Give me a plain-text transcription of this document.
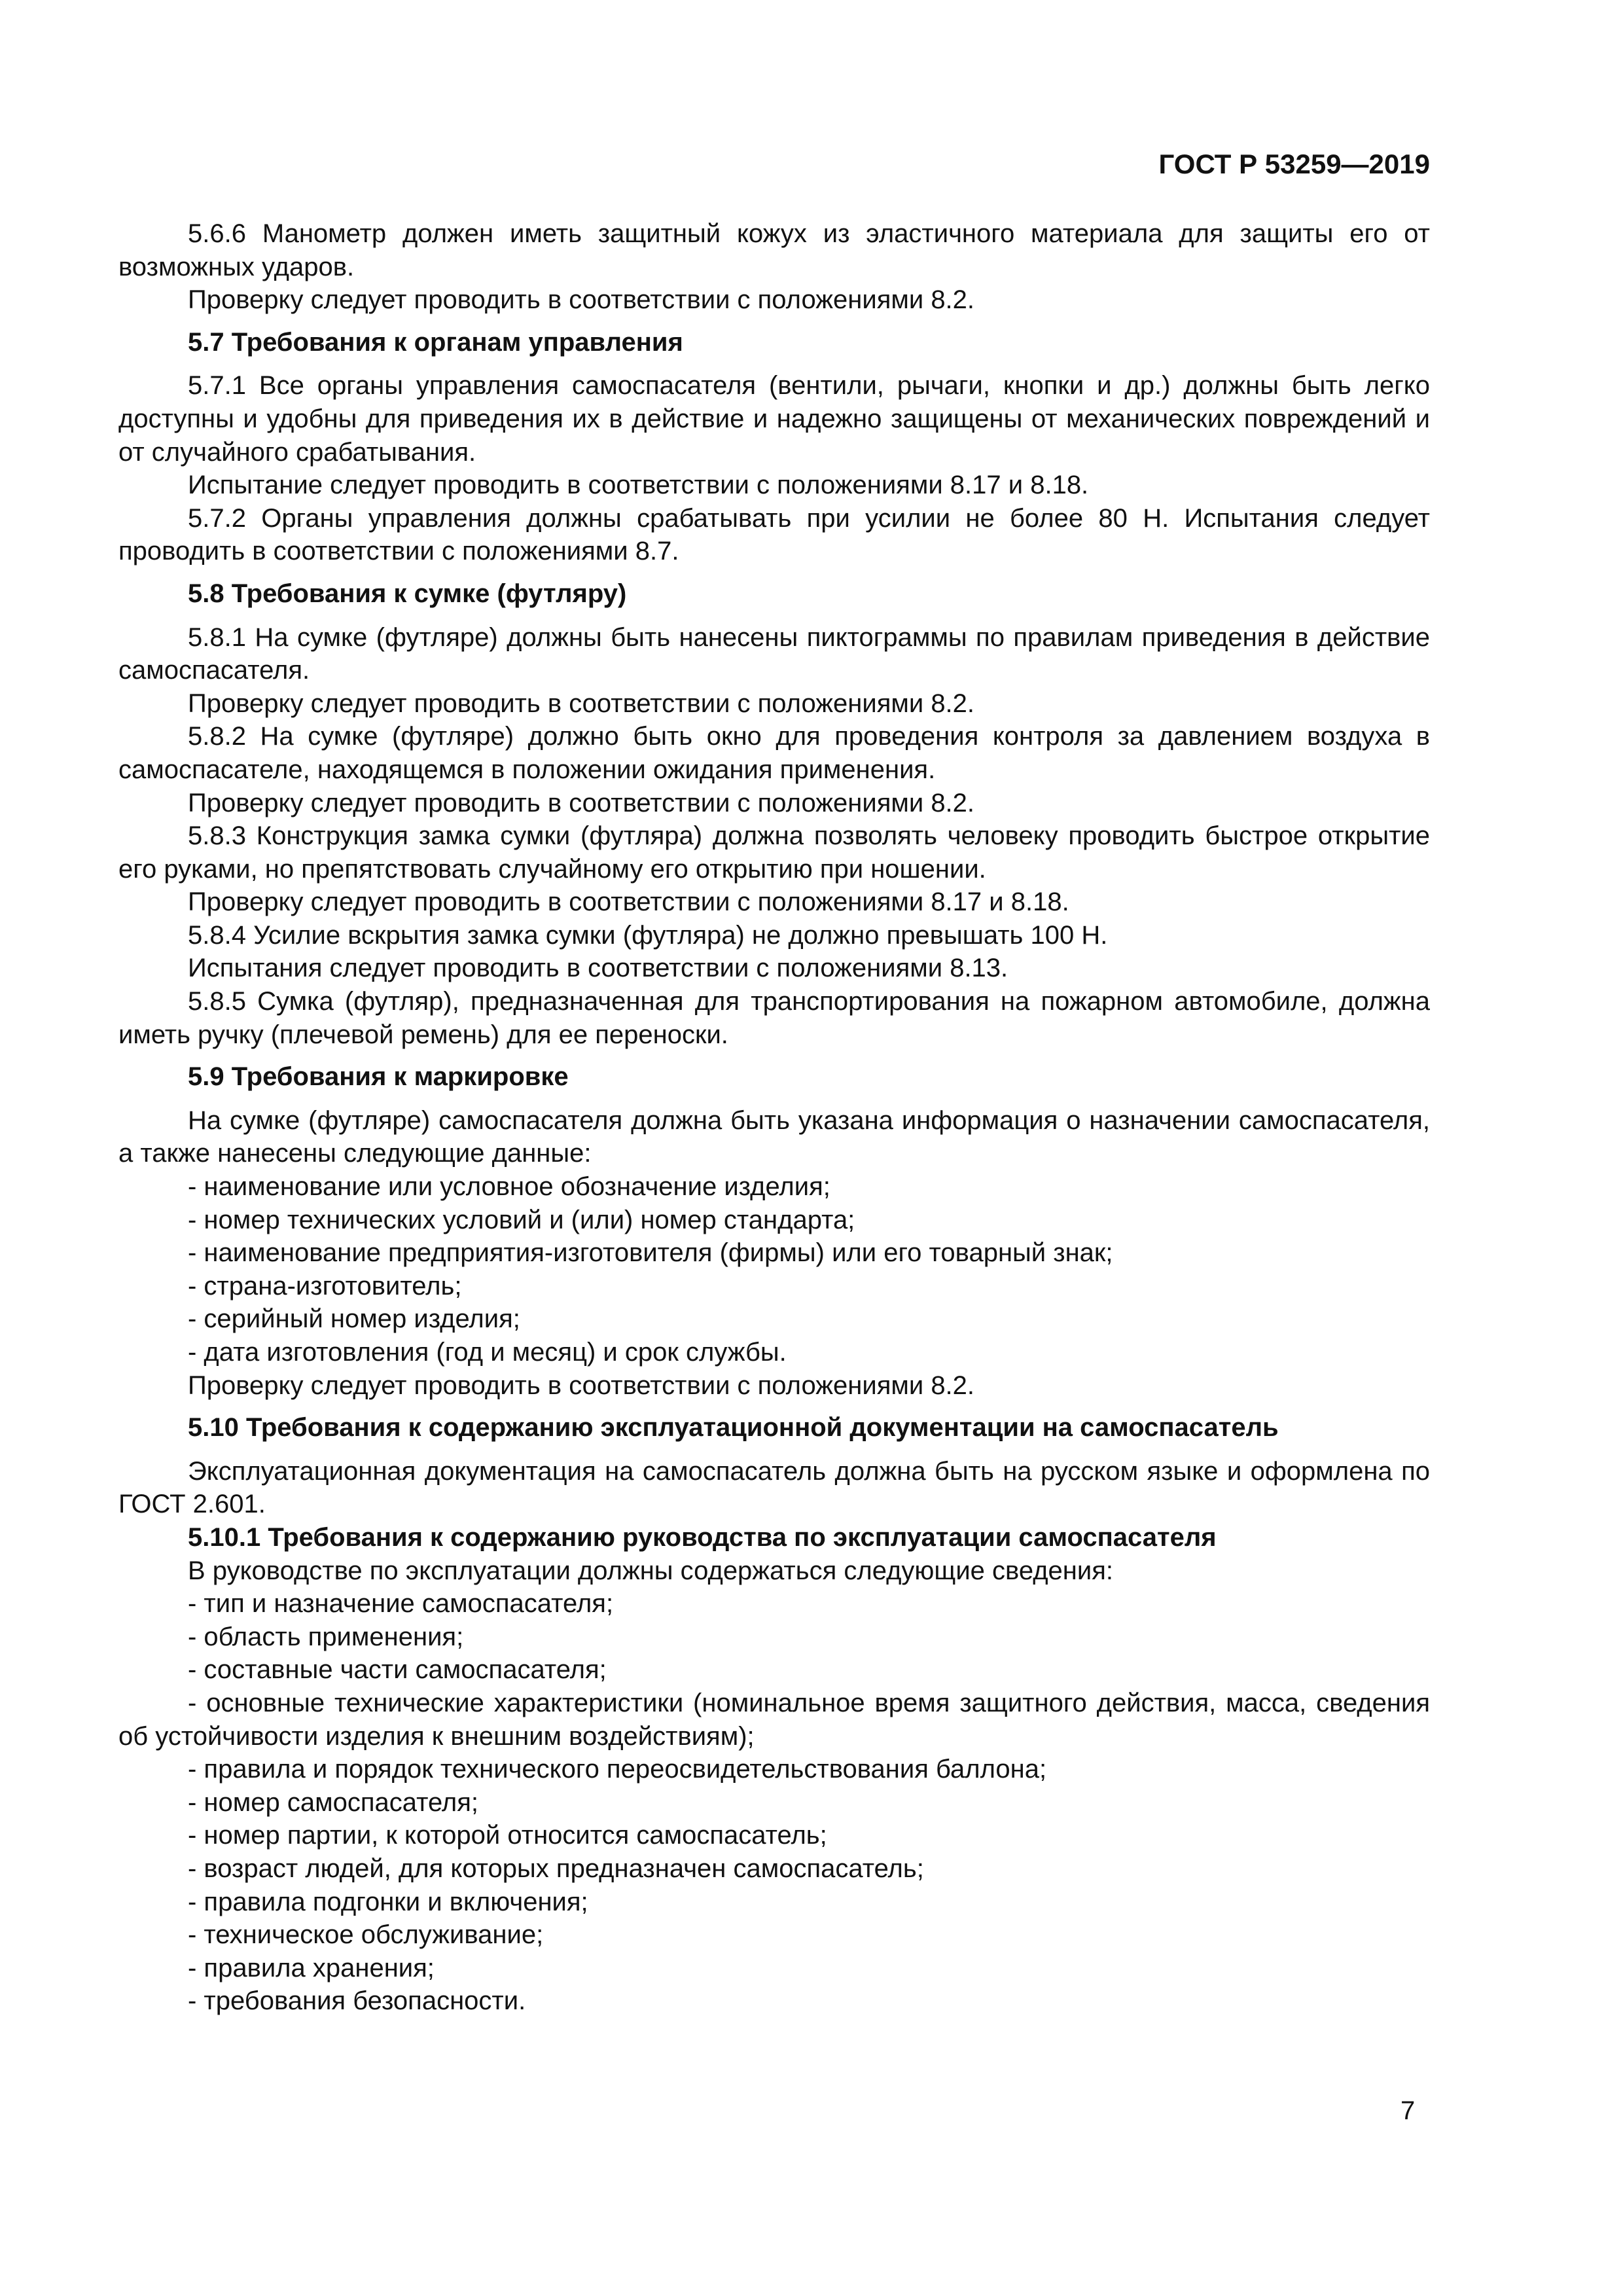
ГОСТ Р 53259—2019

5.6.6 Манометр должен иметь защитный кожух из эластичного материала для защиты его от возможных ударов.

Проверку следует проводить в соответствии с положениями 8.2.

5.7 Требования к органам управления

5.7.1 Все органы управления самоспасателя (вентили, рычаги, кнопки и др.) должны быть легко доступны и удобны для приведения их в действие и надежно защищены от механических повреждений и от случайного срабатывания.

Испытание следует проводить в соответствии с положениями 8.17 и 8.18.

5.7.2 Органы управления должны срабатывать при усилии не более 80 Н. Испытания следует проводить в соответствии с положениями 8.7.

5.8 Требования к сумке (футляру)

5.8.1 На сумке (футляре) должны быть нанесены пиктограммы по правилам приведения в действие самоспасателя.

Проверку следует проводить в соответствии с положениями 8.2.

5.8.2 На сумке (футляре) должно быть окно для проведения контроля за давлением воздуха в самоспасателе, находящемся в положении ожидания применения.

Проверку следует проводить в соответствии с положениями 8.2.

5.8.3 Конструкция замка сумки (футляра) должна позволять человеку проводить быстрое открытие его руками, но препятствовать случайному его открытию при ношении.

Проверку следует проводить в соответствии с положениями 8.17 и 8.18.

5.8.4 Усилие вскрытия замка сумки (футляра) не должно превышать 100 Н.

Испытания следует проводить в соответствии с положениями 8.13.

5.8.5 Сумка (футляр), предназначенная для транспортирования на пожарном автомобиле, должна иметь ручку (плечевой ремень) для ее переноски.

5.9 Требования к маркировке

На сумке (футляре) самоспасателя должна быть указана информация о назначении самоспасателя, а также нанесены следующие данные:

- наименование или условное обозначение изделия;

- номер технических условий и (или) номер стандарта;

- наименование предприятия-изготовителя (фирмы) или его товарный знак;

- страна-изготовитель;

- серийный номер изделия;

- дата изготовления (год и месяц) и срок службы.

Проверку следует проводить в соответствии с положениями 8.2.

5.10 Требования к содержанию эксплуатационной документации на самоспасатель

Эксплуатационная документация на самоспасатель должна быть на русском языке и оформлена по ГОСТ 2.601.

5.10.1 Требования к содержанию руководства по эксплуатации самоспасателя

В руководстве по эксплуатации должны содержаться следующие сведения:

- тип и назначение самоспасателя;

- область применения;

- составные части самоспасателя;

- основные технические характеристики (номинальное время защитного действия, масса, сведения об устойчивости изделия к внешним воздействиям);

- правила и порядок технического переосвидетельствования баллона;

- номер самоспасателя;

- номер партии, к которой относится самоспасатель;

- возраст людей, для которых предназначен самоспасатель;

- правила подгонки и включения;

- техническое обслуживание;

- правила хранения;

- требования безопасности.

7
